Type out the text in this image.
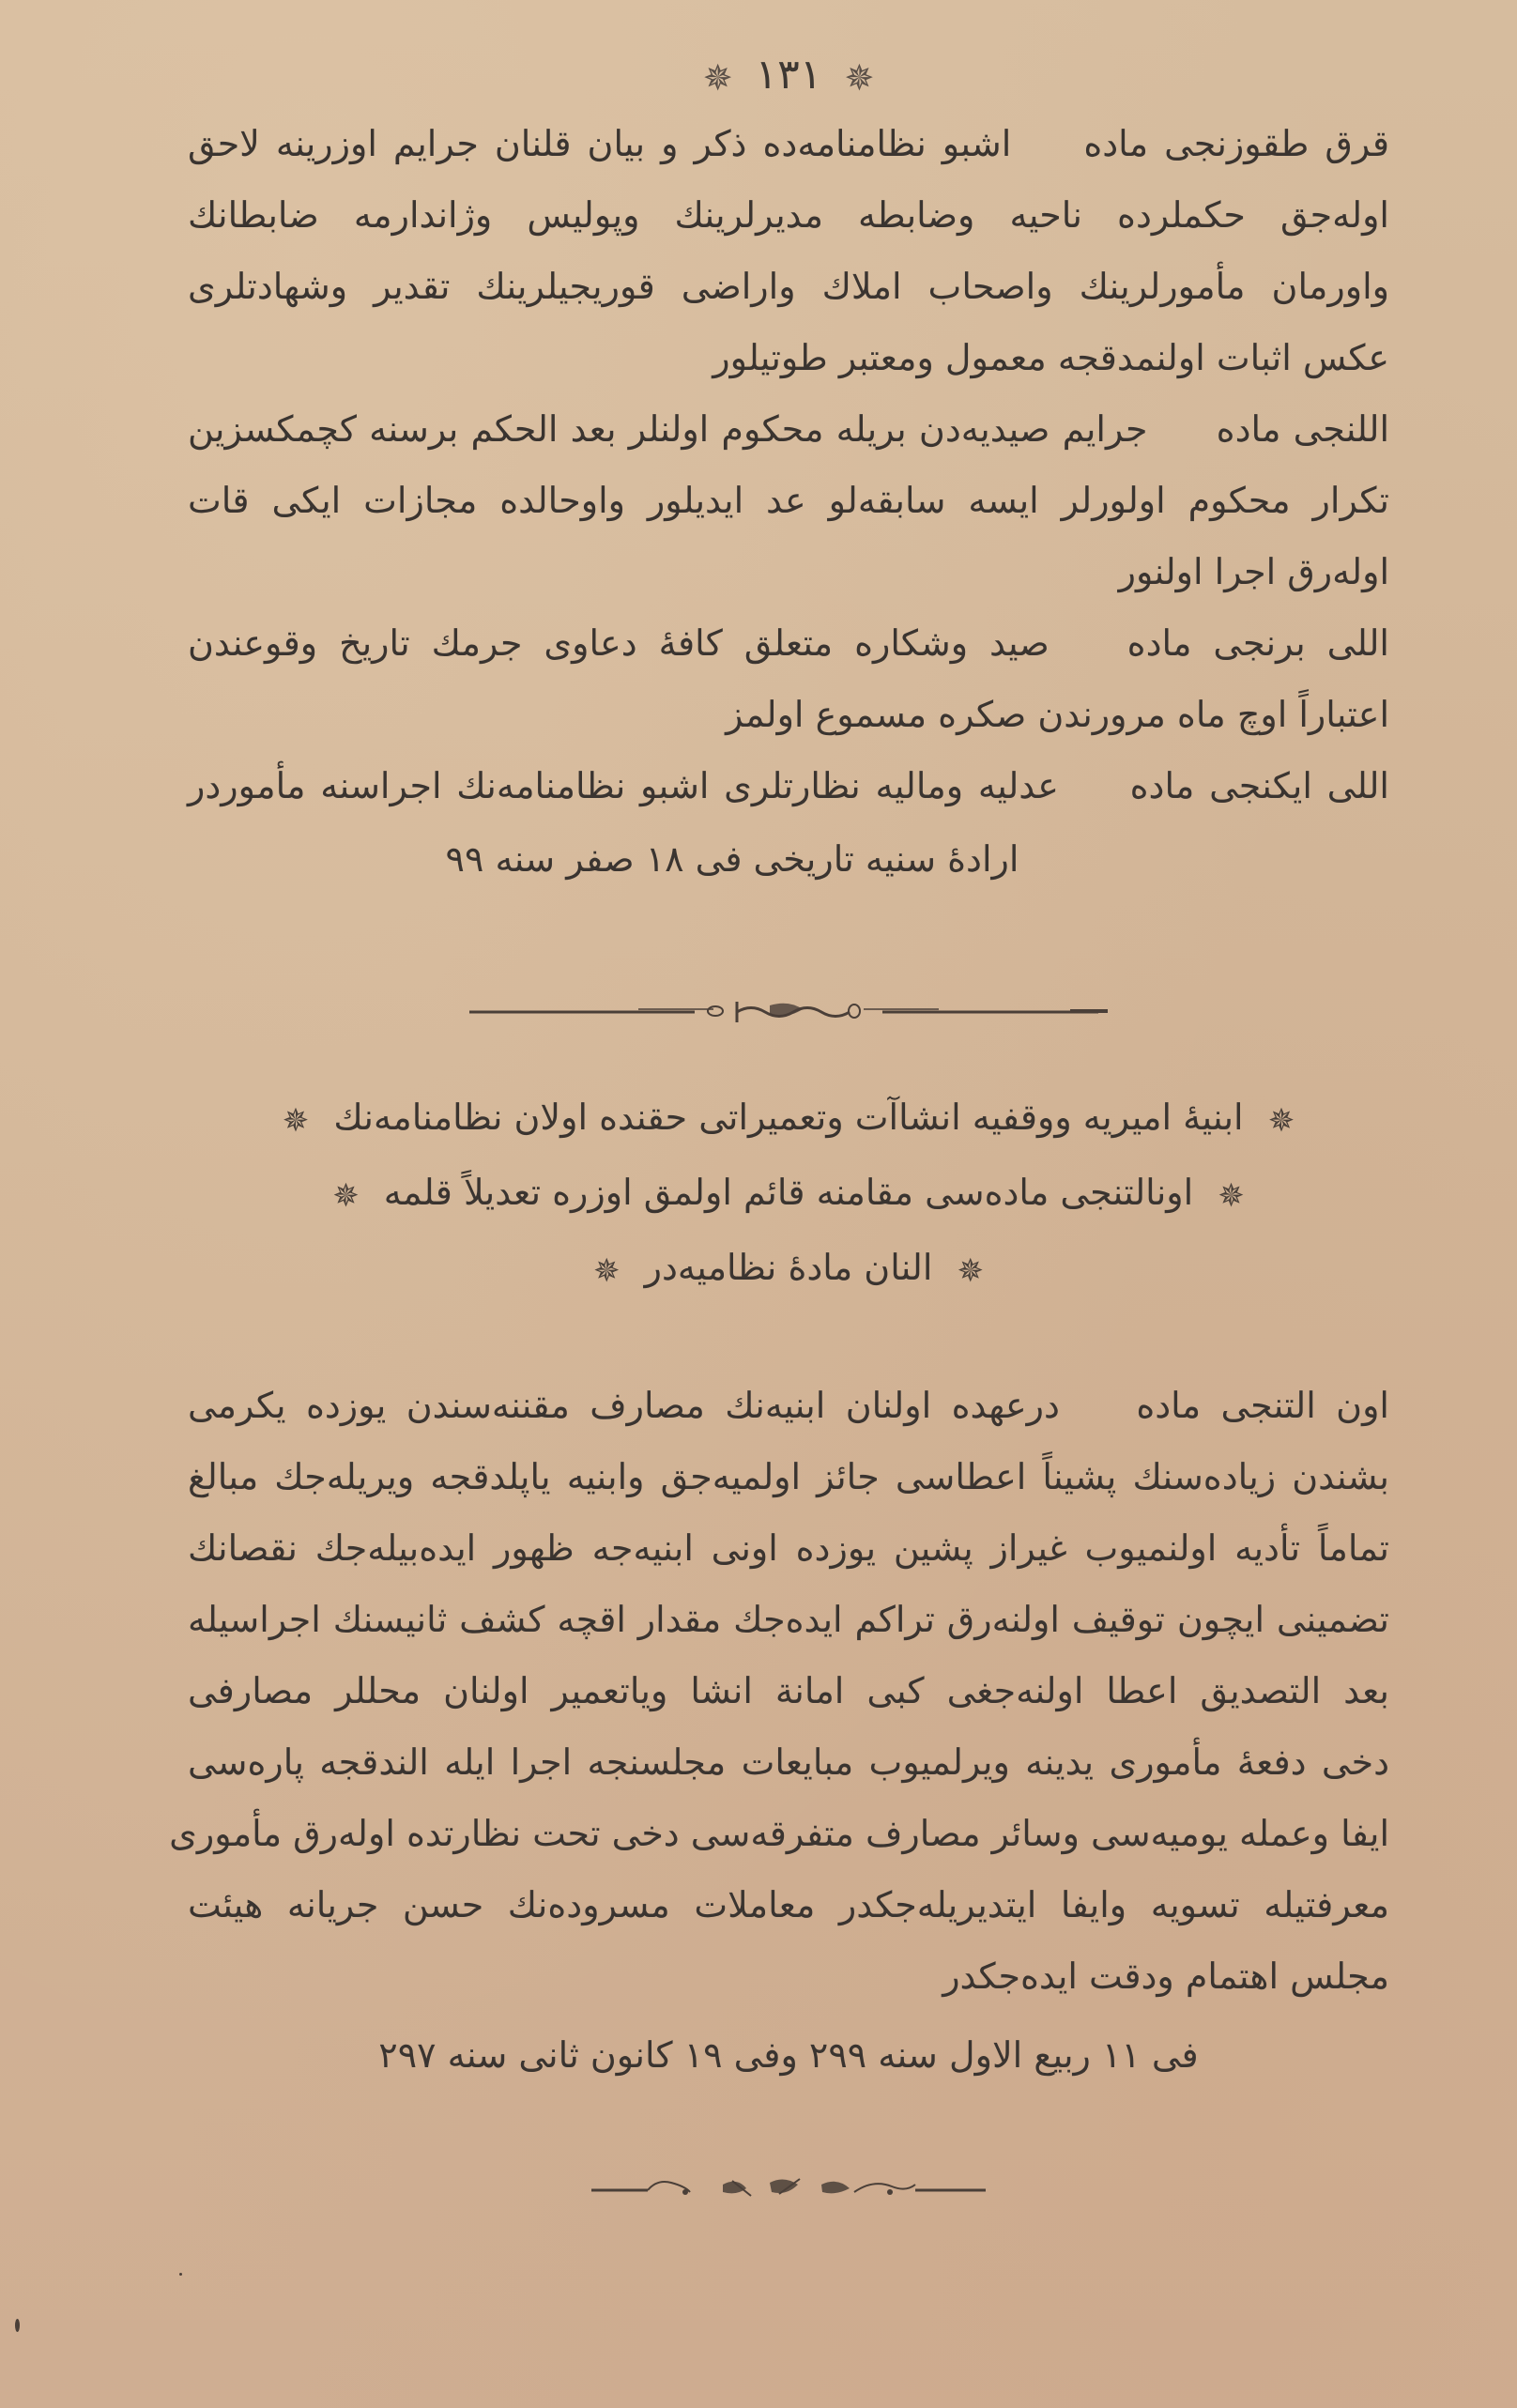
✵ ١٣١ ✵
قرق طقوزنجی ماده اشبو نظامنامه‌ده ذکر و بیان قلنان جرایم اوزرینه لاحق
اوله‌جق حکملرده ناحیه وضابطه مدیرلرینك وپولیس وژاندارمه ضابطانك
واورمان مأمورلرینك واصحاب املاك واراضی قوریجیلرینك تقدیر وشهادتلری
عکس اثبات اولنمدقجه معمول ومعتبر طوتیلور
اللنجی ماده جرایم صیدیه‌دن بریله محکوم اولنلر بعد الحکم برسنه کچمکسزین
تکرار محکوم اولورلر ایسه سابقه‌لو عد ایدیلور واوحالده مجازات ایکی قات
اوله‌رق اجرا اولنور
اللی برنجی ماده صید وشکاره متعلق کافهٔ دعاوی جرمك تاریخ وقوعندن
اعتباراً اوچ ماه مرورندن صکره مسموع اولمز
اللی ایکنجی ماده عدلیه ومالیه نظارتلری اشبو نظامنامه‌نك اجراسنه مأموردر
ارادهٔ سنیه تاریخی فی ١٨ صفر سنه ٩٩
✵ ابنیهٔ امیریه ووقفیه انشاآت وتعمیراتی حقنده اولان نظامنامه‌نك ✵
✵ اونالتنجی ماده‌سی مقامنه قائم اولمق اوزره تعدیلاً قلمه ✵
✵ النان مادهٔ نظامیه‌در ✵
اون التنجی ماده درعهده اولنان ابنیه‌نك مصارف مقننه‌سندن یوزده یکرمی
بشندن زیاده‌سنك پشیناً اعطاسی جائز اولمیه‌جق وابنیه یاپلدقجه ویریله‌جك مبالغ
تماماً تأدیه اولنمیوب غیراز پشین یوزده اونی ابنیه‌جه ظهور ایده‌بیله‌جك نقصانك
تضمینی ایچون توقیف اولنه‌رق تراکم ایده‌جك مقدار اقچه کشف ثانیسنك اجراسیله
بعد التصدیق اعطا اولنه‌جغی کبی امانة انشا ویاتعمیر اولنان محللر مصارفی
دخی دفعهٔ مأموری یدینه ویرلمیوب مبایعات مجلسنجه اجرا ایله الندقجه پاره‌سی
ایفا وعمله یومیه‌سی وسائر مصارف متفرقه‌سی دخی تحت نظارتده اوله‌رق مأموری
معرفتیله تسویه وایفا ایتدیریله‌جکدر معاملات مسروده‌نك حسن جریانه هیئت
مجلس اهتمام ودقت ایده‌جکدر
فی ١١ ربیع الاول سنه ٢٩٩ وفی ١٩ کانون ثانی سنه ٢٩٧
